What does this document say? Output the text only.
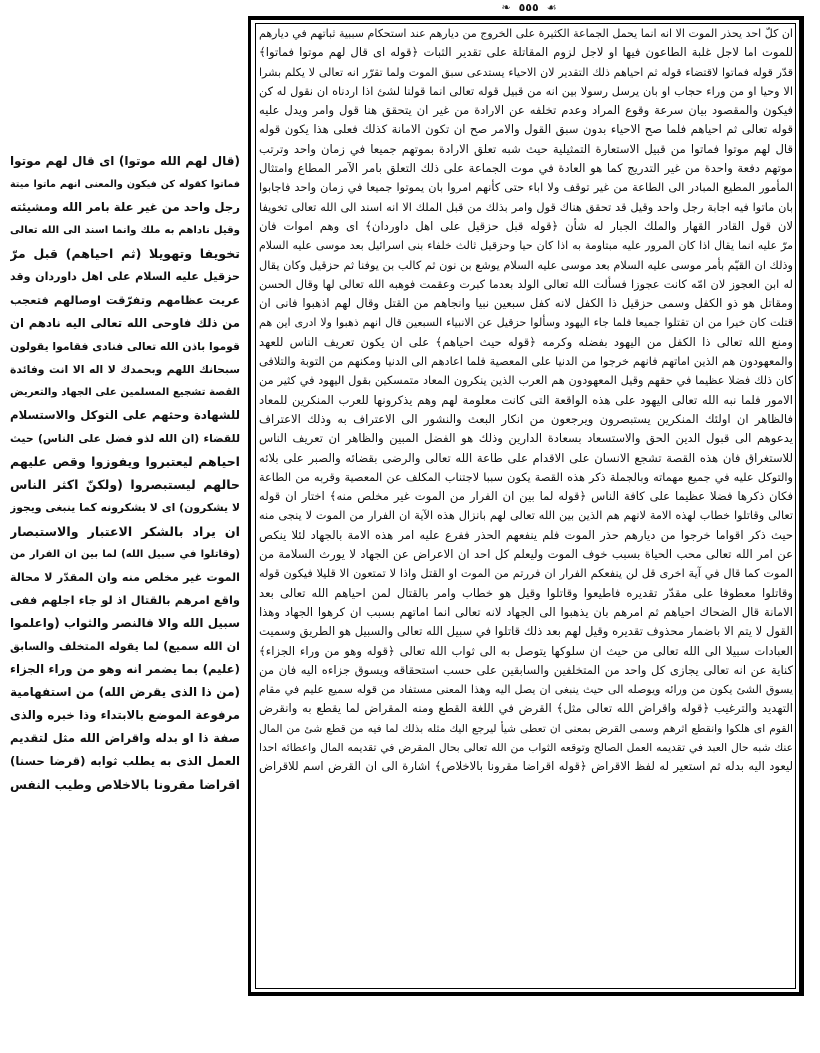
❧ ٥٥٥ ☙
ان كلّ احد يحذر الموت الا انه انما يحمل الجماعة الكثيرة على الخروج من ديارهم عند استحكام سببية ثباتهم في ديارهم
للموت اما لاجل غلبة الطاعون فيها او لاجل لزوم المقاتلة على تقدير الثبات ﴿قوله اى قال لهم موتوا فماتوا﴾
قدّر قوله فماتوا لاقتضاء قوله ثم احياهم ذلك التقدير لان الاحياء يستدعى سبق الموت ولما تقرّر انه تعالى لا يكلم بشرا
الا وحيا او من وراء حجاب او بان يرسل رسولا بين انه من قبيل قوله تعالى انما قولنا لشئ اذا اردناه ان نقول له كن
فيكون والمقصود بيان سرعة وقوع المراد وعدم تخلفه عن الارادة من غير ان يتحقق هنا قول وامر ويدل عليه
قوله تعالى ثم احياهم فلما صح الاحياء بدون سبق القول والامر صح ان تكون الامانة كذلك فعلى هذا يكون قوله
قال لهم موتوا فماتوا من قبيل الاستعارة التمثيلية حيث شبه تعلق الارادة بموتهم جميعا في زمان واحد وترتب
موتهم دفعة واحدة من غير التدريج كما هو العادة في موت الجماعة على ذلك التعلق بامر الآمر المطاع وامتثال
المأمور المطيع المبادر الى الطاعة من غير توقف ولا اباء حتى كأنهم امروا بان يموتوا جميعا في زمان واحد فاجابوا
بان ماتوا فيه اجابة رجل واحد وقيل قد تحقق هناك قول وامر بذلك من قبل الملك الا انه اسند الى الله تعالى تخويفا
لان قول القادر القهار والملك الجبار له شأن ﴿قوله قبل حزقيل على اهل داوردان﴾ اى وهم اموات فان
مرّ عليه انما يقال اذا كان المرور عليه مبتاومة به اذا كان حيا وحزقيل ثالث خلفاء بنى اسرائيل بعد موسى عليه السلام
وذلك ان القيّم بأمر موسى عليه السلام بعد موسى عليه السلام يوشع بن نون ثم كالب بن يوفنا ثم حزقيل وكان يقال
له ابن العجوز لان امّه كانت عجوزا فسألت الله تعالى الولد بعدما كبرت وعقمت فوهبه الله تعالى لها وقال الحسن
ومقاتل هو ذو الكفل وسمى حزقيل ذا الكفل لانه كفل سبعين نبيا وانجاهم من القتل وقال لهم اذهبوا فانى ان
قتلت كان خيرا من ان تقتلوا جميعا فلما جاء اليهود وسألوا حزقيل عن الانبياء السبعين قال انهم ذهبوا ولا ادرى اين هم
ومنع الله تعالى ذا الكفل من اليهود بفضله وكرمه ﴿قوله حيث احياهم﴾ على ان يكون تعريف الناس للعهد
والمعهودون هم الذين اماتهم فانهم خرجوا من الدنيا على المعصية فلما اعادهم الى الدنيا ومكنهم من التوبة والتلافى
كان ذلك فضلا عظيما في حقهم وقيل المعهودون هم العرب الذين ينكرون المعاد متمسكين بقول اليهود في كثير من
الامور فلما نبه الله تعالى اليهود على هذه الواقعة التى كانت معلومة لهم وهم يذكرونها للعرب المنكرين للمعاد
فالظاهر ان اولئك المنكرين يستبصرون ويرجعون من انكار البعث والنشور الى الاعتراف به وذلك الاعتراف
يدعوهم الى قبول الدين الحق والاستسعاد بسعادة الدارين وذلك هو الفضل المبين والظاهر ان تعريف الناس
للاستغراق فان هذه القصة تشجع الانسان على الاقدام على طاعة الله تعالى والرضى بقضائه والصبر على بلائه
والتوكل عليه في جميع مهماته وبالجملة ذكر هذه القصة يكون سببا لاجتناب المكلف عن المعصية وقربه من الطاعة
فكان ذكرها فضلا عظيما على كافة الناس ﴿قوله لما بين ان الفرار من الموت غير مخلص منه﴾ اختار ان قوله
تعالى وقاتلوا خطاب لهذه الامة لانهم هم الذين بين الله تعالى لهم بانزال هذه الآية ان الفرار من الموت لا ينجى منه
حيث ذكر اقواما خرجوا من ديارهم حذر الموت فلم ينفعهم الحذر ففرع عليه امر هذه الامة بالجهاد لئلا ينكص
عن امر الله تعالى محب الحياة بسبب خوف الموت وليعلم كل احد ان الاعراض عن الجهاد لا يورث السلامة من
الموت كما قال في آية اخرى قل لن ينفعكم الفرار ان فررتم من الموت او القتل واذا لا تمتعون الا قليلا فيكون قوله
وقاتلوا معطوفا على مقدّر تقديره فاطيعوا وقاتلوا وقيل هو خطاب وامر بالقتال لمن احياهم الله تعالى بعد
الامانة قال الضحاك احياهم ثم امرهم بان يذهبوا الى الجهاد لانه تعالى انما اماتهم بسبب ان كرهوا الجهاد وهذا
القول لا يتم الا باضمار محذوف تقديره وقيل لهم بعد ذلك قاتلوا في سبيل الله تعالى والسبيل هو الطريق وسميت
العبادات سبيلا الى الله تعالى من حيث ان سلوكها يتوصل به الى ثواب الله تعالى ﴿قوله وهو من وراء الجزاء﴾
كناية عن انه تعالى يجازى كل واحد من المتخلفين والسابقين على حسب استحقاقه ويسوق جزاءه اليه فان من
يسوق الشئ يكون من ورائه ويوصله الى حيث ينبغى ان يصل اليه وهذا المعنى مستفاد من قوله سميع عليم في مقام
التهديد والترغيب ﴿قوله واقراض الله تعالى مثل﴾ القرض في اللغة القطع ومنه المقراض لما يقطع به وانقرض
القوم اى هلكوا وانقطع اثرهم وسمى القرض بمعنى ان تعطى شيأ ليرجع اليك مثله بذلك لما فيه من قطع شئ من المال
عنك شبه حال العبد في تقديمه العمل الصالح وتوقعه الثواب من الله تعالى بحال المقرض في تقديمه المال واعطائه احدا
ليعود اليه بدله ثم استعير له لفظ الاقراض ﴿قوله اقراضا مقرونا بالاخلاص﴾ اشارة الى ان القرض اسم للاقراض
(قال لهم الله موتوا) اى قال لهم موتوا
فماتوا كقوله كن فيكون والمعنى انهم ماتوا ميتة
رجل واحد من غير علة بامر الله ومشيئته
وقيل ناداهم به ملك وانما اسند الى الله تعالى
تخويفا وتهويلا (ثم احياهم) قبل مرّ
حزقيل عليه السلام على اهل داوردان وقد
عريت عظامهم وتفرّقت اوصالهم فتعجب
من ذلك فاوحى الله تعالى اليه نادهم ان
قوموا باذن الله تعالى فنادى فقاموا يقولون
سبحانك اللهم وبحمدك لا اله الا انت وفائدة
القصة تشجيع المسلمين على الجهاد والتعريض
للشهادة وحثهم على التوكل والاستسلام
للقضاء (ان الله لذو فضل على الناس) حيث
احياهم ليعتبروا ويفوزوا وقص عليهم
حالهم ليستبصروا (ولكنّ اكثر الناس
لا يشكرون) اى لا يشكرونه كما ينبغى ويجوز
ان يراد بالشكر الاعتبار والاستبصار
(وقاتلوا في سبيل الله) لما بين ان الفرار من
الموت غير مخلص منه وان المقدّر لا محالة
واقع امرهم بالقتال اذ لو جاء اجلهم ففى
سبيل الله والا فالنصر والثواب (واعلموا
ان الله سميع) لما يقوله المتخلف والسابق
(عليم) بما يضمر انه وهو من وراء الجزاء
(من ذا الذى يقرض الله) من استفهامية
مرفوعة الموضع بالابتداء وذا خبره والذى
صفة ذا او بدله واقراض الله مثل لتقديم
العمل الذى به يطلب ثوابه (قرضا حسنا)
اقراضا مقرونا بالاخلاص وطيب النفس
